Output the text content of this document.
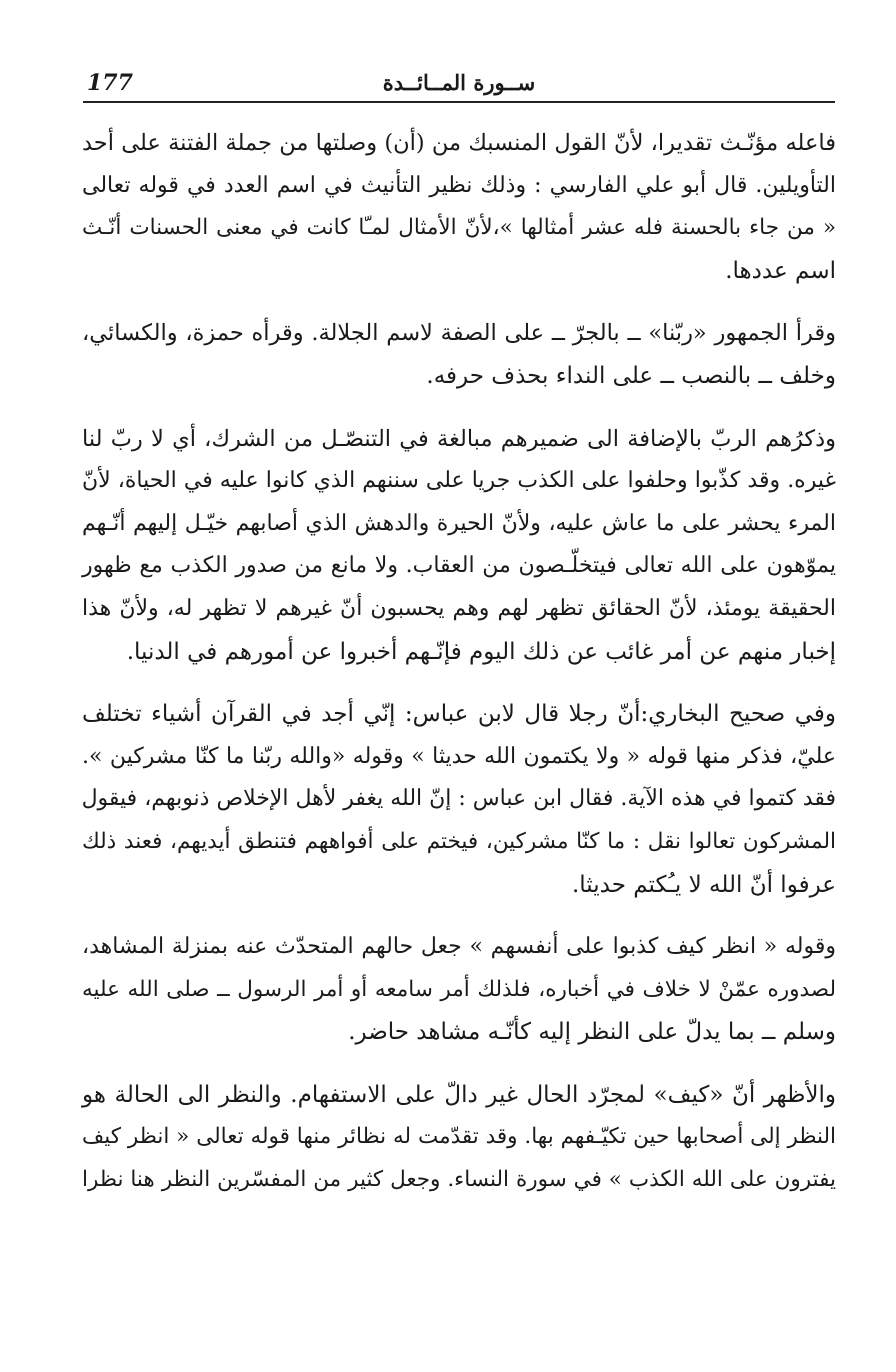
177	ســورة المــائــدة

فاعله مؤنّـث تقديرا، لأنّ القول المنسبك من (أن) وصلتها من جملة الفتنة على أحد
التأويلين. قال أبو علي الفارسي : وذلك نظير التأنيث في اسم العدد في قوله تعالى
« من جاء بالحسنة فله عشر أمثالها »،لأنّ الأمثال لمـّا كانت في معنى الحسنات أنّـث
اسم عددها.

وقرأ الجمهور «ربّنا» ــ بالجرّ ــ على الصفة لاسم الجلالة. وقرأه حمزة، والكسائي،
وخلف ــ بالنصب ــ على النداء بحذف حرفه.

وذكرُهم الربّ بالإضافة الى ضميرهم مبالغة في التنصّـل من الشرك، أي لا ربّ لنا
غيره. وقد كذّبوا وحلفوا على الكذب جريا على سننهم الذي كانوا عليه في الحياة، لأنّ
المرء يحشر على ما عاش عليه، ولأنّ الحيرة والدهش الذي أصابهم خيّـل إليهم أنّـهم
يموّهون على الله تعالى فيتخلّـصون من العقاب. ولا مانع من صدور الكذب مع ظهور
الحقيقة يومئذ، لأنّ الحقائق تظهر لهم وهم يحسبون أنّ غيرهم لا تظهر له، ولأنّ هذا
إخبار منهم عن أمر غائب عن ذلك اليوم فإنّـهم أخبروا عن أمورهم في الدنيا.

وفي صحيح البخاري:أنّ رجلا قال لابن عباس: إنّي أجد في القرآن أشياء تختلف
عليّ، فذكر منها قوله « ولا يكتمون الله حديثا » وقوله «والله ربّنا ما كنّا مشركين ».
فقد كتموا في هذه الآية. فقال ابن عباس : إنّ الله يغفر لأهل الإخلاص ذنوبهم، فيقول
المشركون تعالوا نقل : ما كنّا مشركين، فيختم على أفواههم فتنطق أيديهم، فعند ذلك
عرفوا أنّ الله لا يـُكتم حديثا.

وقوله « انظر كيف كذبوا على أنفسهم » جعل حالهم المتحدّث عنه بمنزلة المشاهد،
لصدوره عمّنْ لا خلاف في أخباره، فلذلك أمر سامعه أو أمر الرسول ــ صلى الله عليه
وسلم ــ بما يدلّ على النظر إليه كأنّـه مشاهد حاضر.

والأظهر أنّ «كيف» لمجرّد الحال غير دالّ على الاستفهام. والنظر الى الحالة هو
النظر إلى أصحابها حين تكيّـفهم بها. وقد تقدّمت له نظائر منها قوله تعالى « انظر كيف
يفترون على الله الكذب » في سورة النساء. وجعل كثير من المفسّرين النظر هنا نظرا
